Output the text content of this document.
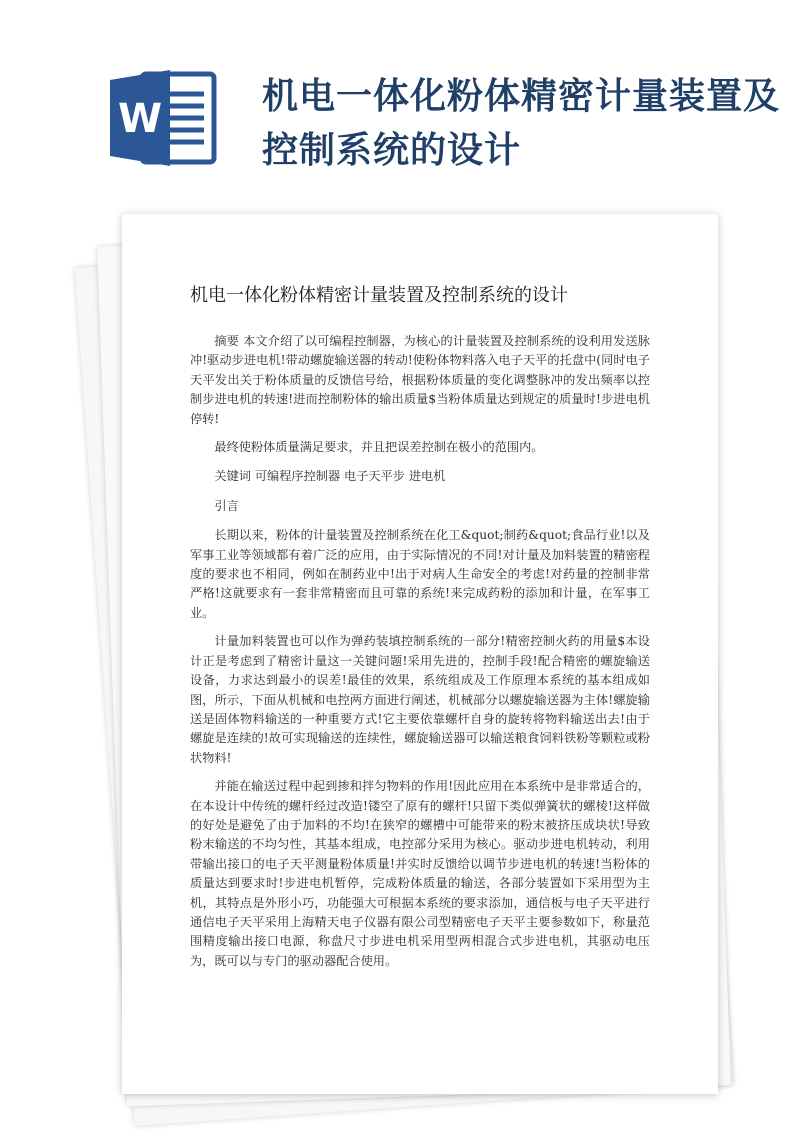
W	机电一体化粉体精密计量装置及控制系统的设计
机电一体化粉体精密计量装置及控制系统的设计

摘要 本文介绍了以可编程控制器，为核心的计量装置及控制系统的设利用发送脉冲!驱动步进电机!带动螺旋输送器的转动!使粉体物料落入电子天平的托盘中(同时电子天平发出关于粉体质量的反馈信号给，根据粉体质量的变化调整脉冲的发出频率以控制步进电机的转速!进而控制粉体的输出质量$当粉体质量达到规定的质量时!步进电机停转!

最终使粉体质量满足要求，并且把误差控制在极小的范围内。

关键词 可编程序控制器 电子天平步 进电机

引言

长期以来，粉体的计量装置及控制系统在化工&quot;制药&quot;食品行业!以及军事工业等领域都有着广泛的应用，由于实际情况的不同!对计量及加料装置的精密程度的要求也不相同，例如在制药业中!出于对病人生命安全的考虑!对药量的控制非常严格!这就要求有一套非常精密而且可靠的系统!来完成药粉的添加和计量，在军事工业。

计量加料装置也可以作为弹药装填控制系统的一部分!精密控制火药的用量$本设计正是考虑到了精密计量这一关键问题!采用先进的，控制手段!配合精密的螺旋输送设备，力求达到最小的误差!最佳的效果，系统组成及工作原理本系统的基本组成如图，所示，下面从机械和电控两方面进行阐述，机械部分以螺旋输送器为主体!螺旋输送是固体物料输送的一种重要方式!它主要依靠螺杆自身的旋转将物料输送出去!由于螺旋是连续的!故可实现输送的连续性，螺旋输送器可以输送粮食饲料铁粉等颗粒或粉状物料!

并能在输送过程中起到掺和拌匀物料的作用!因此应用在本系统中是非常适合的，在本设计中传统的螺杆经过改造!镂空了原有的螺杆!只留下类似弹簧状的螺棱!这样做的好处是避免了由于加料的不均!在狭窄的螺槽中可能带来的粉末被挤压成块状!导致粉末输送的不均匀性，其基本组成，电控部分采用为核心。驱动步进电机转动，利用带输出接口的电子天平测量粉体质量!并实时反馈给以调节步进电机的转速!当粉体的质量达到要求时!步进电机暂停，完成粉体质量的输送，各部分装置如下采用型为主机，其特点是外形小巧，功能强大可根据本系统的要求添加，通信板与电子天平进行通信电子天平采用上海精天电子仪器有限公司型精密电子天平主要参数如下，称量范围精度输出接口电源，称盘尺寸步进电机采用型两相混合式步进电机，其驱动电压为，既可以与专门的驱动器配合使用。
